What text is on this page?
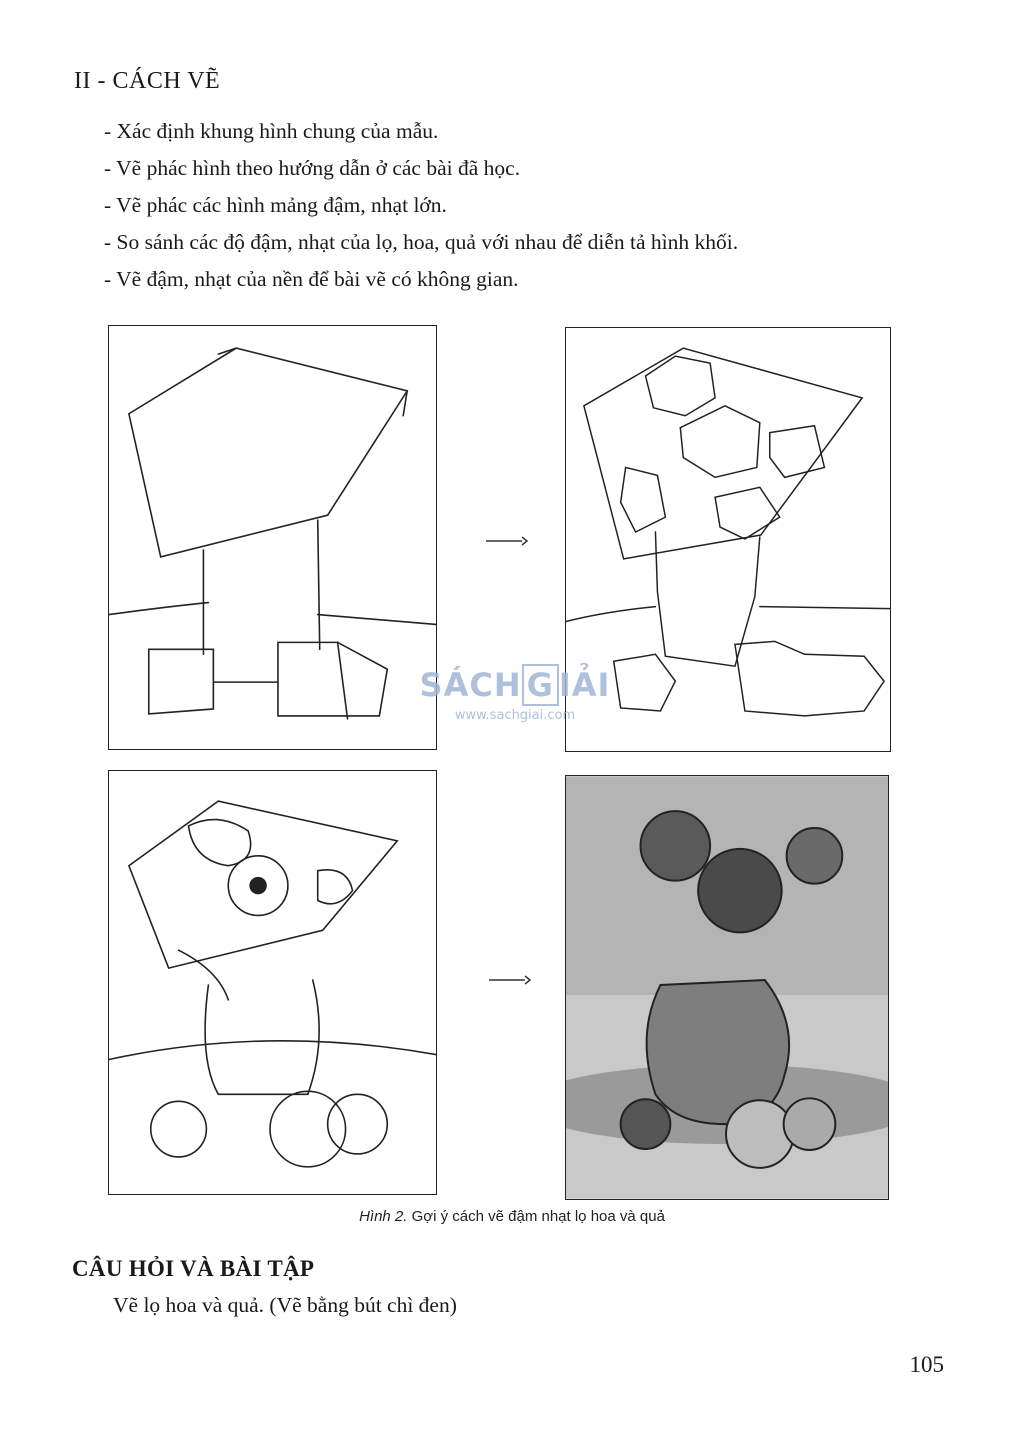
II - CÁCH VẼ
- Xác định khung hình chung của mẫu.
- Vẽ phác hình theo hướng dẫn ở các bài đã học.
- Vẽ phác các hình mảng đậm, nhạt lớn.
- So sánh các độ đậm, nhạt của lọ, hoa, quả với nhau để diễn tả hình khối.
- Vẽ đậm, nhạt của nền để bài vẽ có không gian.
SÁCH G IẢI
www.sachgiai.com
Hình 2. Gợi ý cách vẽ đậm nhạt lọ hoa và quả
CÂU HỎI VÀ BÀI TẬP
Vẽ lọ hoa và quả. (Vẽ bằng bút chì đen)
105
